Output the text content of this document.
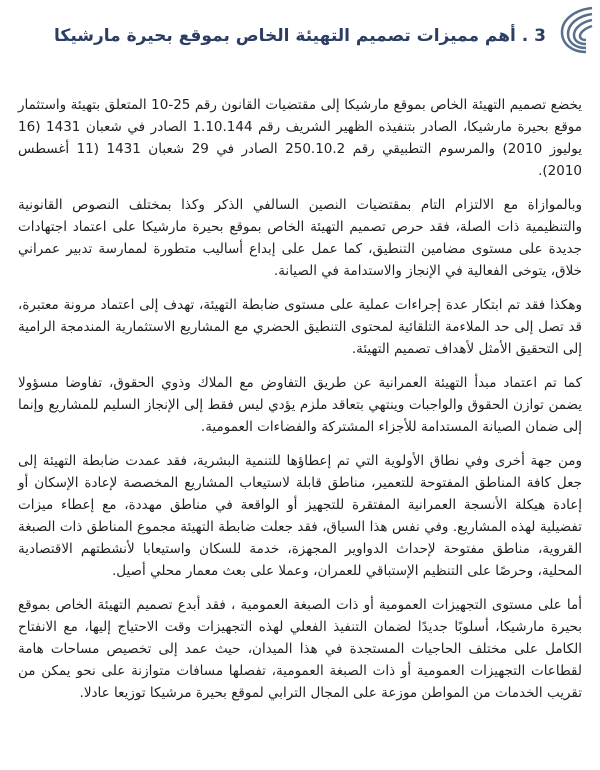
3 . أهم مميزات تصميم التهيئة الخاص بموقع بحيرة مارشيكا

يخضع تصميم التهيئة الخاص بموقع مارشيكا إلى مقتضيات القانون رقم 25-10 المتعلق بتهيئة واستثمار موقع بحيرة مارشيكا، الصادر بتنفيذه الظهير الشريف رقم 1.10.144 الصادر في شعبان 1431 (16 يوليوز 2010) والمرسوم التطبيقي رقم 250.10.2 الصادر في 29 شعبان 1431 (11 أغسطس 2010).

وبالموازاة مع الالتزام التام بمقتضيات النصين السالفي الذكر وكذا بمختلف النصوص القانونية والتنظيمية ذات الصلة، فقد حرص تصميم التهيئة الخاص بموقع بحيرة مارشيكا على اعتماد اجتهادات جديدة على مستوى مضامين التنطيق، كما عمل على إبداع أساليب متطورة لممارسة تدبير عمراني خلاق، يتوخى الفعالية في الإنجاز والاستدامة في الصيانة.

وهكذا فقد تم ابتكار عدة إجراءات عملية على مستوى ضابطة التهيئة، تهدف إلى اعتماد مرونة معتبرة، قد تصل إلى حد الملاءمة التلقائية لمحتوى التنطيق الحضري مع المشاريع الاستثمارية المندمجة الرامية إلى التحقيق الأمثل لأهداف تصميم التهيئة.

كما تم اعتماد مبدأ التهيئة العمرانية عن طريق التفاوض مع الملاك وذوي الحقوق، تفاوضا مسؤولا يضمن توازن الحقوق والواجبات وينتهي بتعاقد ملزم يؤدي ليس فقط إلى الإنجاز السليم للمشاريع وإنما إلى ضمان الصيانة المستدامة للأجزاء المشتركة والفضاءات العمومية.

ومن جهة أخرى وفي نطاق الأولوية التي تم إعطاؤها للتنمية البشرية، فقد عمدت ضابطة التهيئة إلى جعل كافة المناطق المفتوحة للتعمير، مناطق قابلة لاستيعاب المشاريع المخصصة لإعادة الإسكان أو إعادة هيكلة الأنسجة العمرانية المفتقرة للتجهيز أو الواقعة في مناطق مهددة، مع إعطاء ميزات تفضيلية لهذه المشاريع. وفي نفس هذا السياق، فقد جعلت ضابطة التهيئة مجموع المناطق ذات الصبغة القروية، مناطق مفتوحة لإحداث الدواوير المجهزة، خدمة للسكان واستيعابا لأنشطتهم الاقتصادية المحلية، وحرصًا على التنظيم الإستباقي للعمران، وعملا على بعث معمار محلي أصيل.

أما على مستوى التجهيزات العمومية أو ذات الصبغة العمومية ، فقد أبدع تصميم التهيئة الخاص بموقع بحيرة مارشيكا، أسلوبًا جديدًا لضمان التنفيذ الفعلي لهذه التجهيزات وقت الاحتياج إليها، مع الانفتاح الكامل على مختلف الحاجيات المستجدة في هذا الميدان، حيث عمد إلى تخصيص مساحات هامة لقطاعات التجهيزات العمومية أو ذات الصبغة العمومية، تفصلها مسافات متوازنة على نحو يمكن من تقريب الخدمات من المواطن موزعة على المجال الترابي لموقع بحيرة مرشيكا توزيعا عادلا.
